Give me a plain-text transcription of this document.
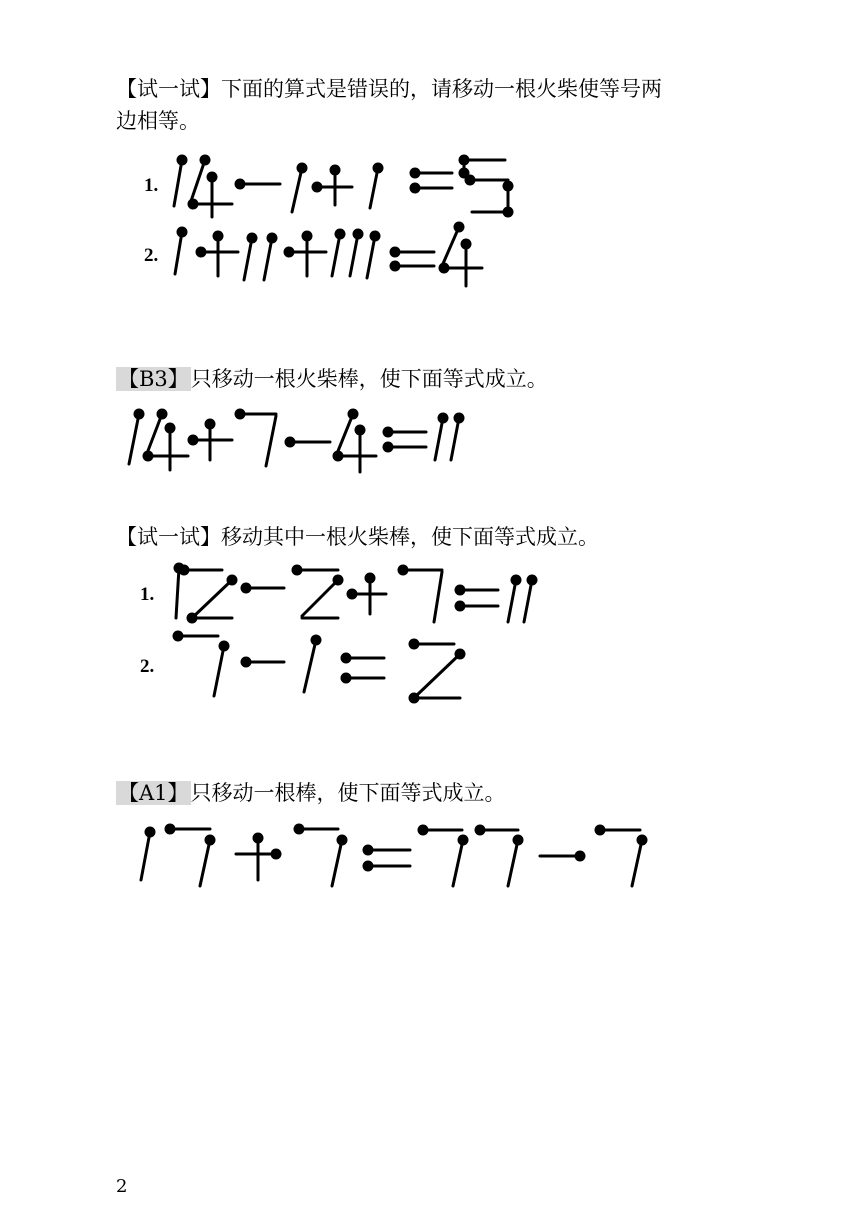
【试一试】下面的算式是错误的，请移动一根火柴使等号两
边相等。
1.
2.
【B3】只移动一根火柴棒，使下面等式成立。
【试一试】移动其中一根火柴棒，使下面等式成立。
1.
2.
【A1】只移动一根棒，使下面等式成立。
2
